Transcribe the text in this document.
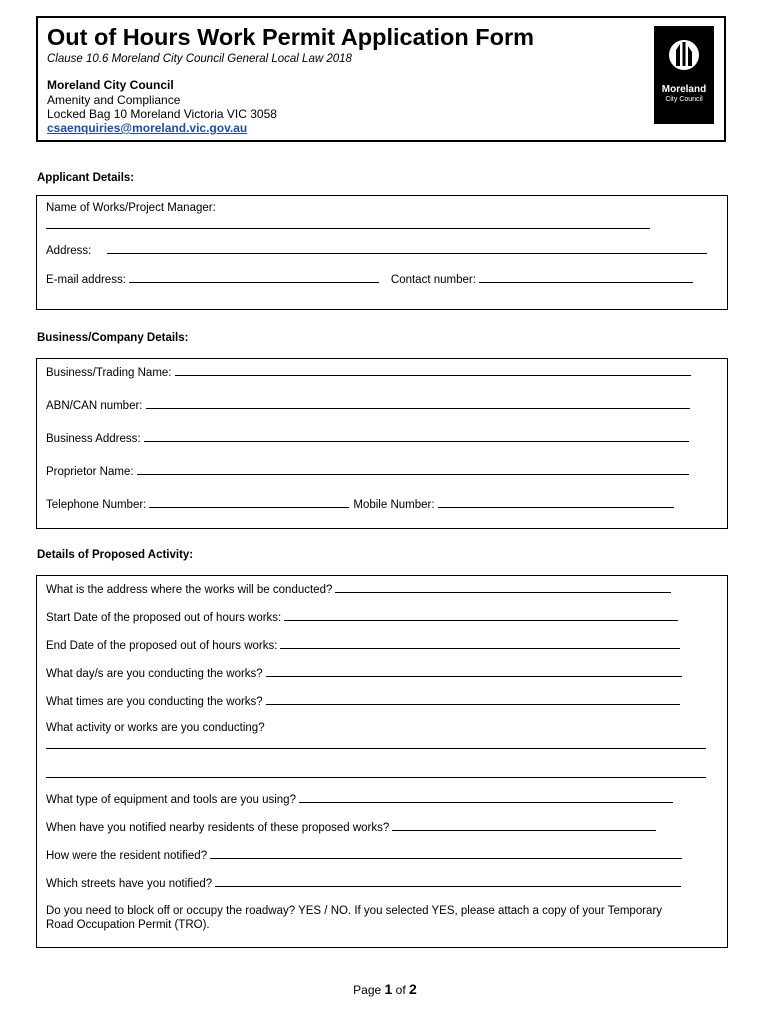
Out of Hours Work Permit Application Form
Clause 10.6 Moreland City Council General Local Law 2018
Moreland City Council
Amenity and Compliance
Locked Bag 10 Moreland Victoria VIC 3058
csaenquiries@moreland.vic.gov.au
Moreland
City Council
Applicant Details:
Name of Works/Project Manager:
Address:
E-mail address:	Contact number:
Business/Company Details:
Business/Trading Name:
ABN/CAN number:
Business Address:
Proprietor Name:
Telephone Number:	Mobile Number:
Details of Proposed Activity:
What is the address where the works will be conducted?
Start Date of the proposed out of hours works:
End Date of the proposed out of hours works:
What day/s are you conducting the works?
What times are you conducting the works?
What activity or works are you conducting?
What type of equipment and tools are you using?
When have you notified nearby residents of these proposed works?
How were the resident notified?
Which streets have you notified?
Do you need to block off or occupy the roadway? YES / NO. If you selected YES, please attach a copy of your Temporary Road Occupation Permit (TRO).
Page 1 of 2
